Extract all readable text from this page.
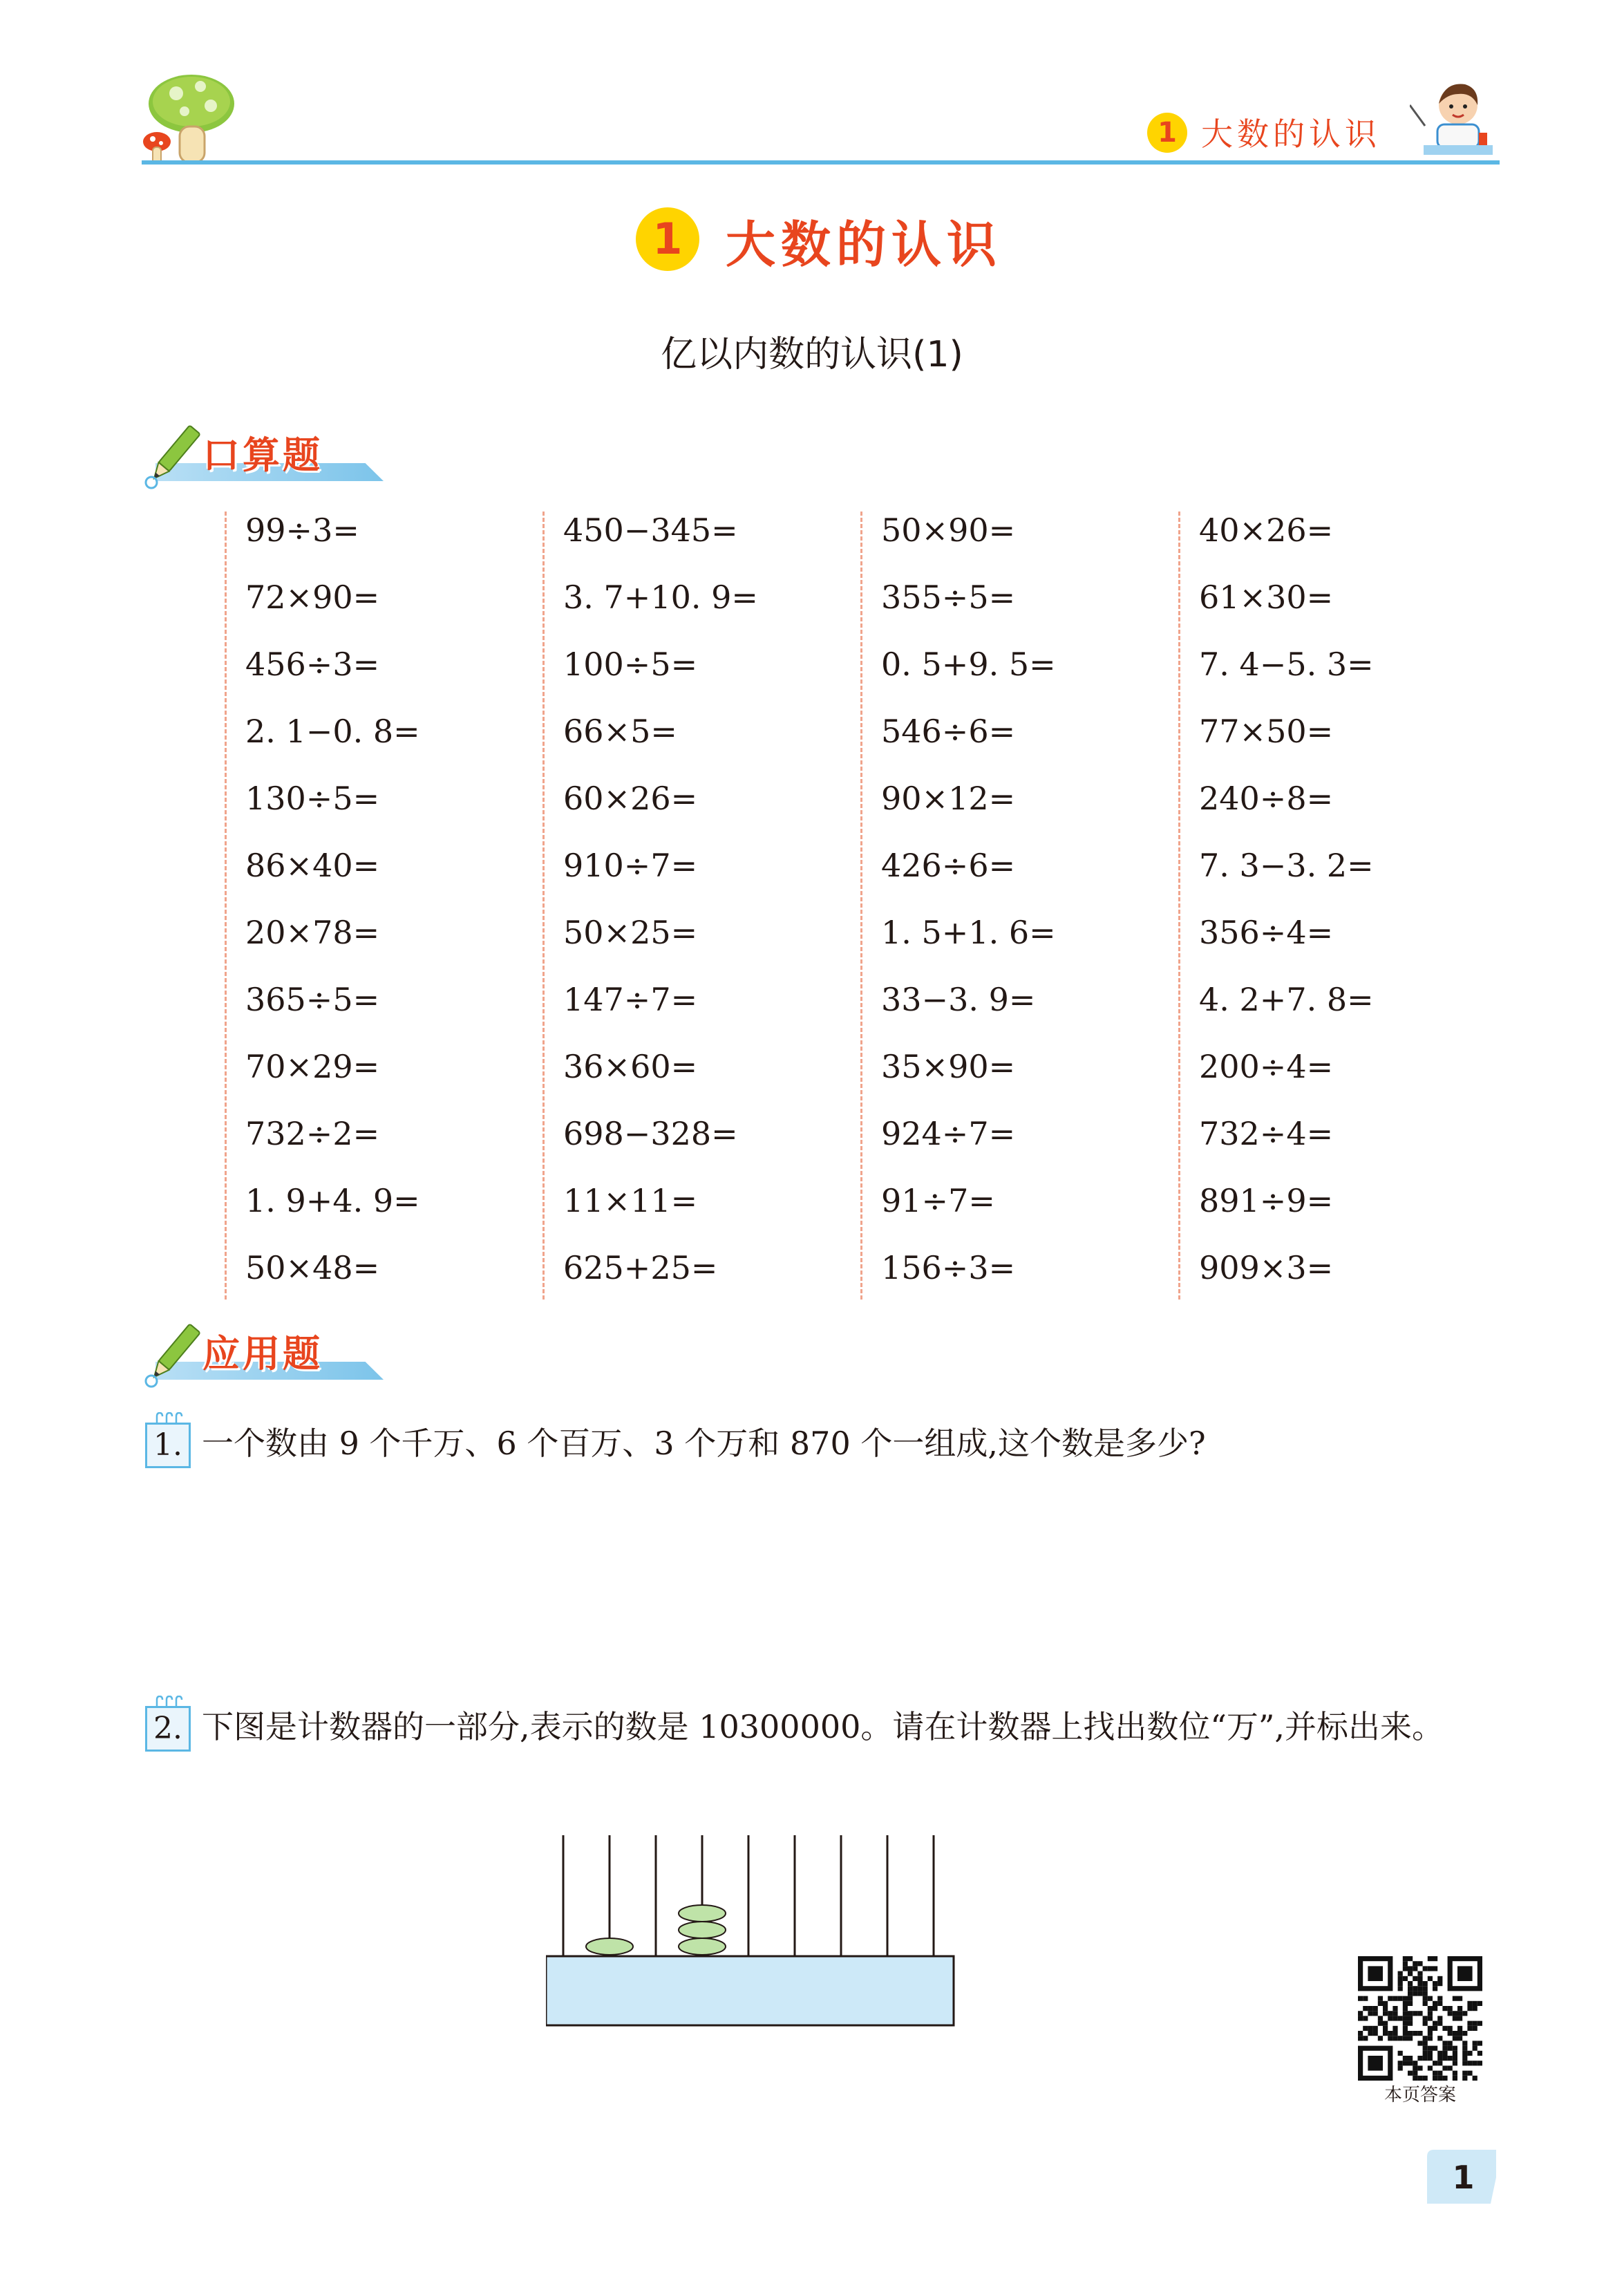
1 大数的认识
1 大数的认识
亿以内数的认识(1)
口算题
99÷3=
72×90=
456÷3=
2. 1−0. 8=
130÷5=
86×40=
20×78=
365÷5=
70×29=
732÷2=
1. 9+4. 9=
50×48=
450−345=
3. 7+10. 9=
100÷5=
66×5=
60×26=
910÷7=
50×25=
147÷7=
36×60=
698−328=
11×11=
625+25=
50×90=
355÷5=
0. 5+9. 5=
546÷6=
90×12=
426÷6=
1. 5+1. 6=
33−3. 9=
35×90=
924÷7=
91÷7=
156÷3=
40×26=
61×30=
7. 4−5. 3=
77×50=
240÷8=
7. 3−3. 2=
356÷4=
4. 2+7. 8=
200÷4=
732÷4=
891÷9=
909×3=
应用题
1. 一个数由 9 个千万、6 个百万、3 个万和 870 个一组成,这个数是多少?
2. 下图是计数器的一部分,表示的数是 10300000。请在计数器上找出数位“万”,并标出来。
本页答案
1
